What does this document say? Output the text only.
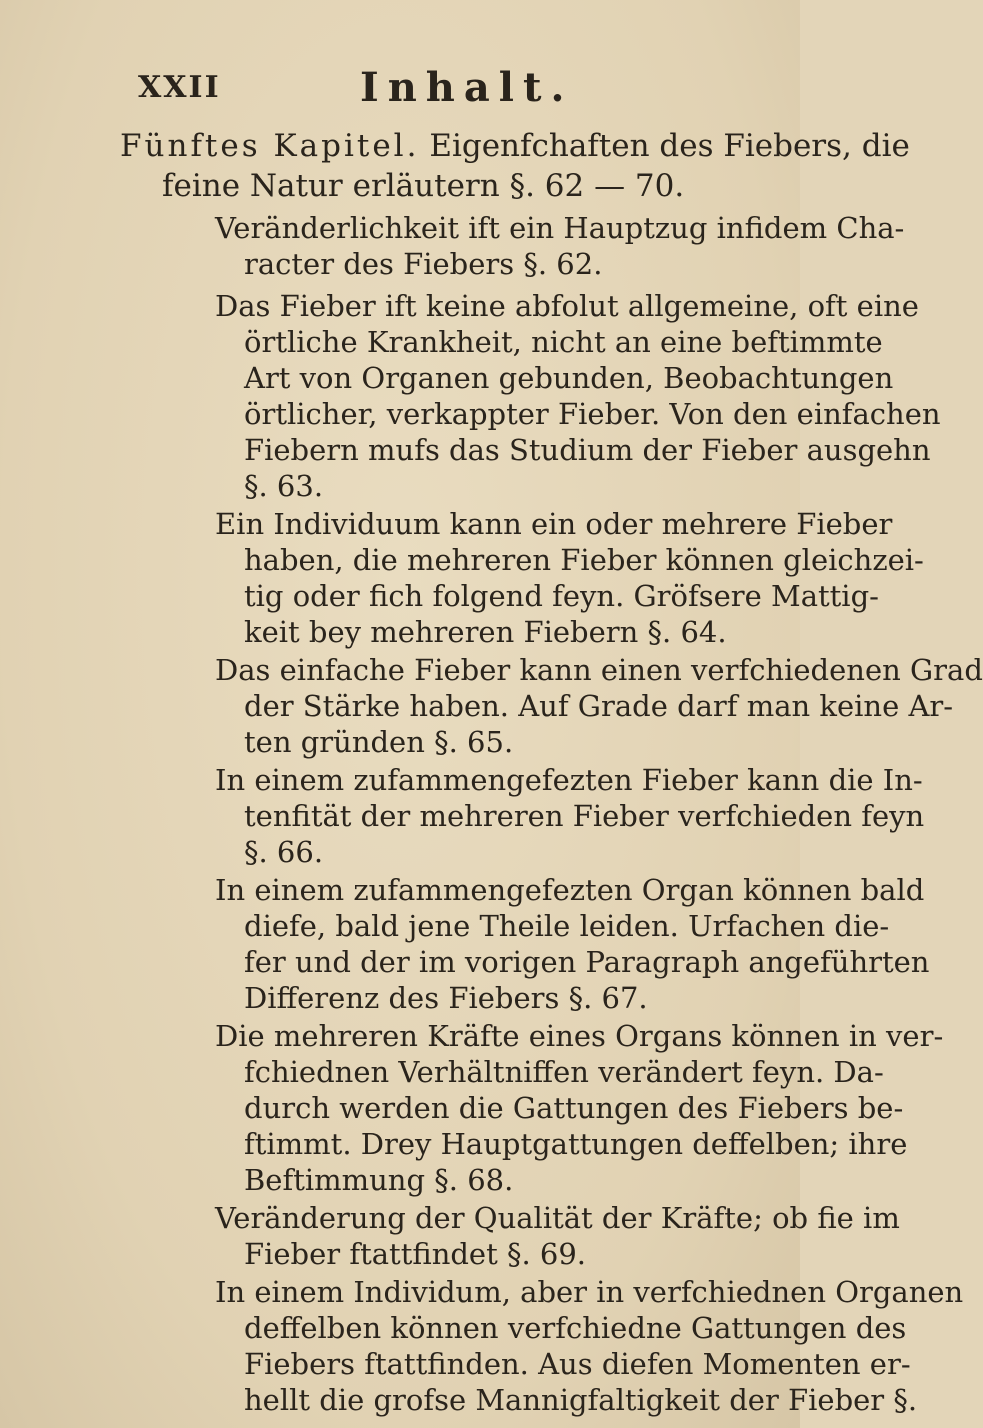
XXII	Inhalt.
Fünftes Kapitel. Eigenfchaften des Fiebers, die
feine Natur erläutern §. 62 — 70.
Veränderlichkeit ift ein Hauptzug infidem Cha-
racter des Fiebers §. 62.
Das Fieber ift keine abfolut allgemeine, oft eine
örtliche Krankheit, nicht an eine beftimmte
Art von Organen gebunden, Beobachtungen
örtlicher, verkappter Fieber. Von den einfachen
Fiebern mufs das Studium der Fieber ausgehn
§. 63.
Ein Individuum kann ein oder mehrere Fieber
haben, die mehreren Fieber können gleichzei-
tig oder fich folgend feyn. Gröfsere Mattig-
keit bey mehreren Fiebern §. 64.
Das einfache Fieber kann einen verfchiedenen Grad
der Stärke haben. Auf Grade darf man keine Ar-
ten gründen §. 65.
In einem zufammengefezten Fieber kann die In-
tenfität der mehreren Fieber verfchieden feyn
§. 66.
In einem zufammengefezten Organ können bald
diefe, bald jene Theile leiden. Urfachen die-
fer und der im vorigen Paragraph angeführten
Differenz des Fiebers §. 67.
Die mehreren Kräfte eines Organs können in ver-
fchiednen Verhältniffen verändert feyn. Da-
durch werden die Gattungen des Fiebers be-
ftimmt. Drey Hauptgattungen deffelben; ihre
Beftimmung §. 68.
Veränderung der Qualität der Kräfte; ob fie im
Fieber ftattfindet §. 69.
In einem Individum, aber in verfchiednen Organen
deffelben können verfchiedne Gattungen des
Fiebers ftattfinden. Aus diefen Momenten er-
hellt die grofse Mannigfaltigkeit der Fieber §.
